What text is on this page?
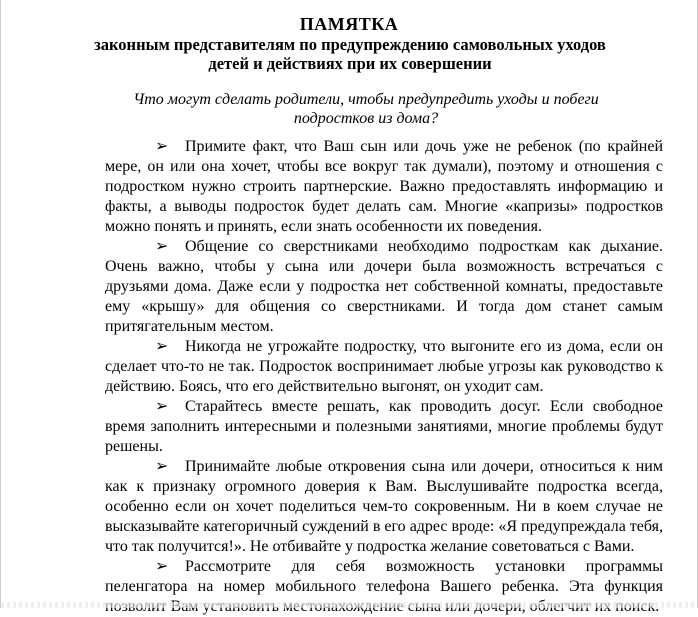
ПАМЯТКА
законным представителям по предупреждению самовольных уходов детей и действиях при их совершении
Что могут сделать родители, чтобы предупредить уходы и побеги подростков из дома?

➢ Примите факт, что Ваш сын или дочь уже не ребенок (по крайней мере, он или она хочет, чтобы все вокруг так думали), поэтому и отношения с подростком нужно строить партнерские. Важно предоставлять информацию и факты, а выводы подросток будет делать сам. Многие «капризы» подростков можно понять и принять, если знать особенности их поведения.

➢ Общение со сверстниками необходимо подросткам как дыхание. Очень важно, чтобы у сына или дочери была возможность встречаться с друзьями дома. Даже если у подростка нет собственной комнаты, предоставьте ему «крышу» для общения со сверстниками. И тогда дом станет самым притягательным местом.

➢ Никогда не угрожайте подростку, что выгоните его из дома, если он сделает что-то не так. Подросток воспринимает любые угрозы как руководство к действию. Боясь, что его действительно выгонят, он уходит сам.

➢ Старайтесь вместе решать, как проводить досуг. Если свободное время заполнить интересными и полезными занятиями, многие проблемы будут решены.

➢ Принимайте любые откровения сына или дочери, относиться к ним как к признаку огромного доверия к Вам. Выслушивайте подростка всегда, особенно если он хочет поделиться чем-то сокровенным. Ни в коем случае не высказывайте категоричный суждений в его адрес вроде: «Я предупреждала тебя, что так получится!». Не отбивайте у подростка желание советоваться с Вами.

➢ Рассмотрите для себя возможность установки программы пеленгатора на номер мобильного телефона Вашего ребенка. Эта функция
